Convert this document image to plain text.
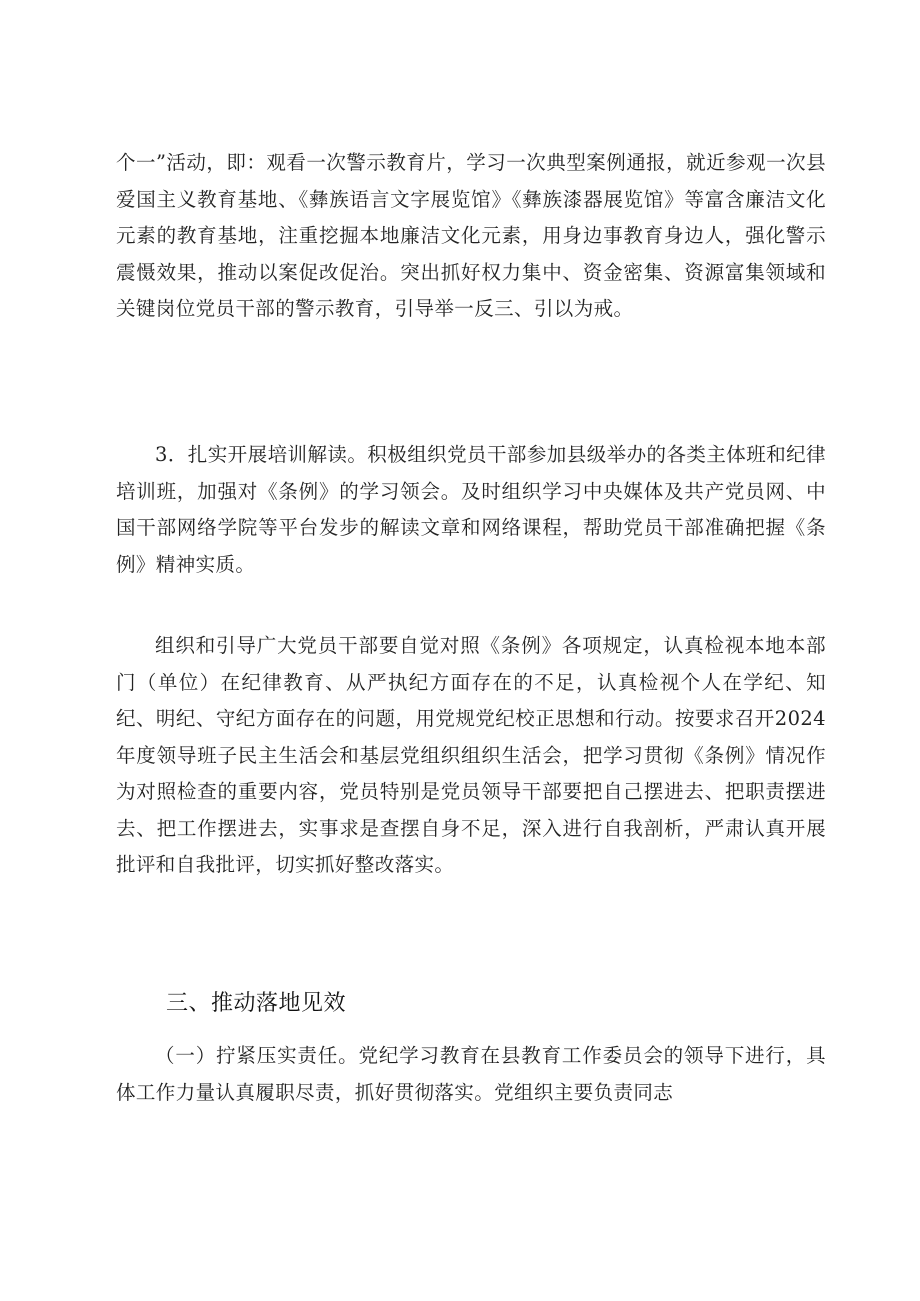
个一”活动，即：观看一次警示教育片，学习一次典型案例通报，就近参观一次县爱国主义教育基地、《彝族语言文字展览馆》《彝族漆器展览馆》等富含廉洁文化元素的教育基地，注重挖掘本地廉洁文化元素，用身边事教育身边人，强化警示震慑效果，推动以案促改促治。突出抓好权力集中、资金密集、资源富集领域和关键岗位党员干部的警示教育，引导举一反三、引以为戒。

3．扎实开展培训解读。积极组织党员干部参加县级举办的各类主体班和纪律培训班，加强对《条例》的学习领会。及时组织学习中央媒体及共产党员网、中国干部网络学院等平台发步的解读文章和网络课程，帮助党员干部准确把握《条例》精神实质。

组织和引导广大党员干部要自觉对照《条例》各项规定，认真检视本地本部门（单位）在纪律教育、从严执纪方面存在的不足，认真检视个人在学纪、知纪、明纪、守纪方面存在的问题，用党规党纪校正思想和行动。按要求召开2024年度领导班子民主生活会和基层党组织组织生活会，把学习贯彻《条例》情况作为对照检查的重要内容，党员特别是党员领导干部要把自己摆进去、把职责摆进去、把工作摆进去，实事求是查摆自身不足，深入进行自我剖析，严肃认真开展批评和自我批评，切实抓好整改落实。

三、推动落地见效

（一）拧紧压实责任。党纪学习教育在县教育工作委员会的领导下进行，具体工作力量认真履职尽责，抓好贯彻落实。党组织主要负责同志
